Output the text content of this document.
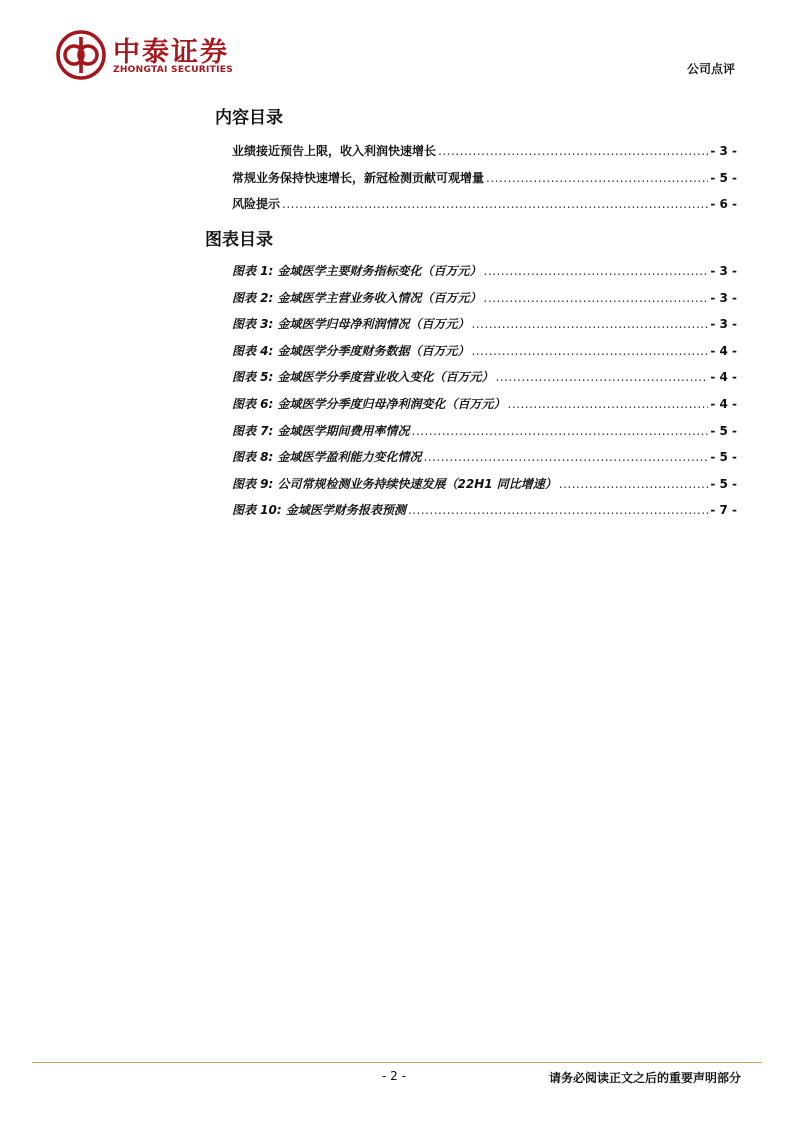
中泰证券
ZHONGTAI SECURITIES	公司点评
内容目录
业绩接近预告上限，收入利润快速增长 .....	- 3 -
常规业务保持快速增长，新冠检测贡献可观增量 .....	- 5 -
风险提示 .....	- 6 -
图表目录
图表 1: 金域医学主要财务指标变化（百万元） .....	- 3 -
图表 2: 金域医学主营业务收入情况（百万元） .....	- 3 -
图表 3: 金域医学归母净利润情况（百万元） .....	- 3 -
图表 4: 金域医学分季度财务数据（百万元） .....	- 4 -
图表 5: 金域医学分季度营业收入变化（百万元） .....	- 4 -
图表 6: 金域医学分季度归母净利润变化（百万元） .....	- 4 -
图表 7: 金域医学期间费用率情况 .....	- 5 -
图表 8: 金域医学盈利能力变化情况 .....	- 5 -
图表 9: 公司常规检测业务持续快速发展（22H1 同比增速） .....	- 5 -
图表 10: 金域医学财务报表预测 .....	- 7 -
- 2 -	请务必阅读正文之后的重要声明部分
